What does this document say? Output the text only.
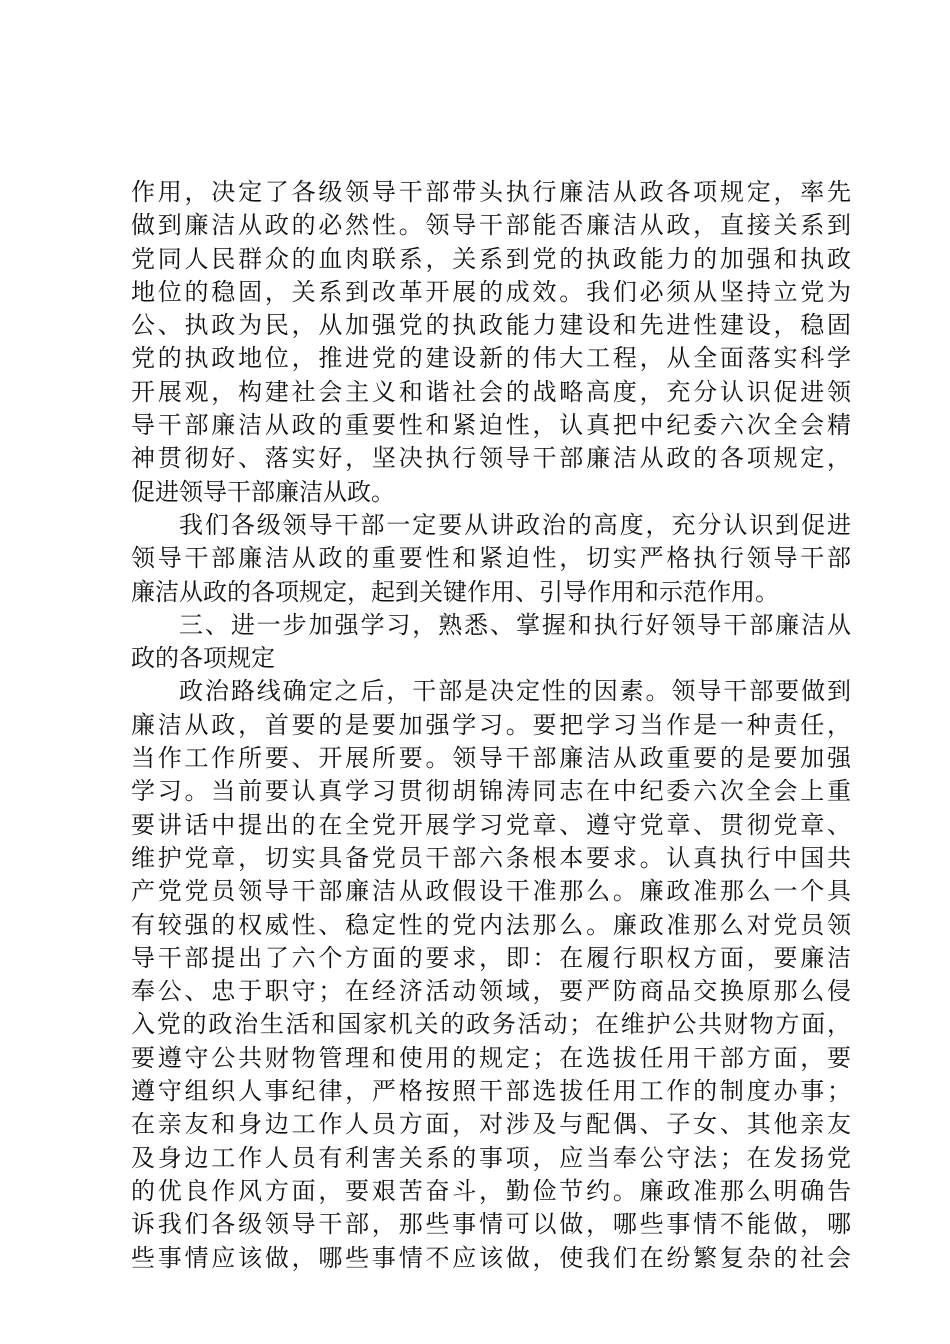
作用，决定了各级领导干部带头执行廉洁从政各项规定，率先
做到廉洁从政的必然性。领导干部能否廉洁从政，直接关系到
党同人民群众的血肉联系，关系到党的执政能力的加强和执政
地位的稳固，关系到改革开展的成效。我们必须从坚持立党为
公、执政为民，从加强党的执政能力建设和先进性建设，稳固
党的执政地位，推进党的建设新的伟大工程，从全面落实科学
开展观，构建社会主义和谐社会的战略高度，充分认识促进领
导干部廉洁从政的重要性和紧迫性，认真把中纪委六次全会精
神贯彻好、落实好，坚决执行领导干部廉洁从政的各项规定，
促进领导干部廉洁从政。
我们各级领导干部一定要从讲政治的高度，充分认识到促进
领导干部廉洁从政的重要性和紧迫性，切实严格执行领导干部
廉洁从政的各项规定，起到关键作用、引导作用和示范作用。
三、进一步加强学习，熟悉、掌握和执行好领导干部廉洁从
政的各项规定
政治路线确定之后，干部是决定性的因素。领导干部要做到
廉洁从政，首要的是要加强学习。要把学习当作是一种责任，
当作工作所要、开展所要。领导干部廉洁从政重要的是要加强
学习。当前要认真学习贯彻胡锦涛同志在中纪委六次全会上重
要讲话中提出的在全党开展学习党章、遵守党章、贯彻党章、
维护党章，切实具备党员干部六条根本要求。认真执行中国共
产党党员领导干部廉洁从政假设干准那么。廉政准那么一个具
有较强的权威性、稳定性的党内法那么。廉政准那么对党员领
导干部提出了六个方面的要求，即：在履行职权方面，要廉洁
奉公、忠于职守；在经济活动领域，要严防商品交换原那么侵
入党的政治生活和国家机关的政务活动；在维护公共财物方面，
要遵守公共财物管理和使用的规定；在选拔任用干部方面，要
遵守组织人事纪律，严格按照干部选拔任用工作的制度办事；
在亲友和身边工作人员方面，对涉及与配偶、子女、其他亲友
及身边工作人员有利害关系的事项，应当奉公守法；在发扬党
的优良作风方面，要艰苦奋斗，勤俭节约。廉政准那么明确告
诉我们各级领导干部，那些事情可以做，哪些事情不能做，哪
些事情应该做，哪些事情不应该做，使我们在纷繁复杂的社会
